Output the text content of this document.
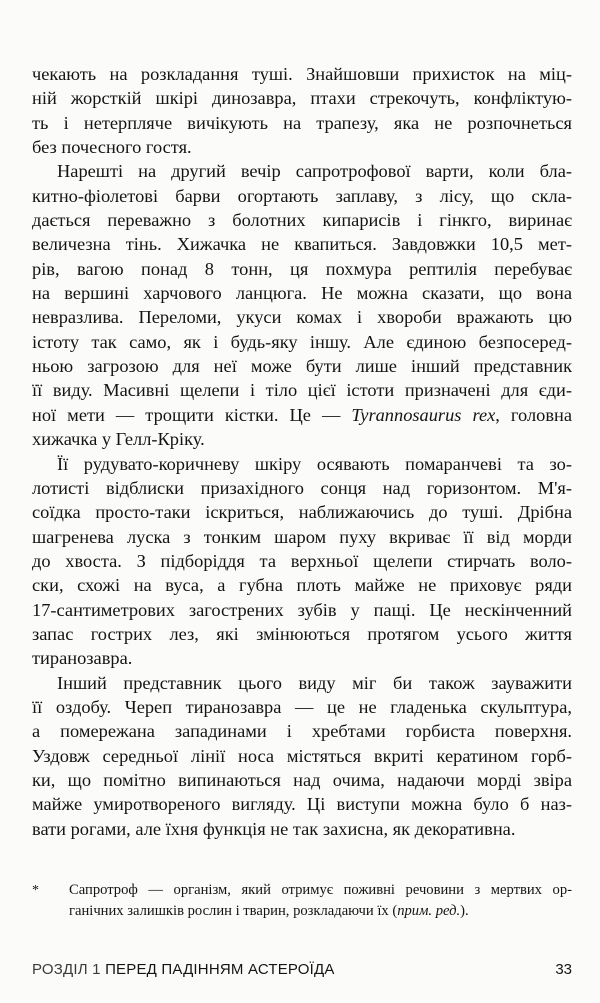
чекають на розкладання туші. Знайшовши прихисток на міц-
ній жорсткій шкірі динозавра, птахи стрекочуть, конфліктую-
ть і нетерпляче вичікують на трапезу, яка не розпочнеться
без почесного гостя.
Нарешті на другий вечір сапротрофової варти, коли бла-
китно-фіолетові барви огортають заплаву, з лісу, що скла-
дається переважно з болотних кипарисів і гінкго, виринає
величезна тінь. Хижачка не квапиться. Завдовжки 10,5 мет-
рів, вагою понад 8 тонн, ця похмура рептилія перебуває
на вершині харчового ланцюга. Не можна сказати, що вона
невразлива. Переломи, укуси комах і хвороби вражають цю
істоту так само, як і будь-яку іншу. Але єдиною безпосеред-
ньою загрозою для неї може бути лише інший представник
її виду. Масивні щелепи і тіло цієї істоти призначені для єди-
ної мети — трощити кістки. Це — Tyrannosaurus rex, головна
хижачка у Гелл-Кріку.
Її рудувато-коричневу шкіру осявають помаранчеві та зо-
лотисті відблиски призахідного сонця над горизонтом. М'я-
сoїдка просто-таки іскриться, наближаючись до туші. Дрібна
шагренева луска з тонким шаром пуху вкриває її від морди
до хвоста. З підборіддя та верхньої щелепи стирчать воло-
ски, схожі на вуса, а губна плоть майже не приховує ряди
17-сантиметрових загострених зубів у пащі. Це нескінченний
запас гострих лез, які змінюються протягом усього життя
тиранозавра.
Інший представник цього виду міг би також зауважити
її оздобу. Череп тиранозавра — це не гладенька скульптура,
а помережана западинами і хребтами горбиста поверхня.
Уздовж середньої лінії носа містяться вкриті кератином горб-
ки, що помітно випинаються над очима, надаючи морді звіра
майже умиротвореного вигляду. Ці виступи можна було б наз-
вати рогами, але їхня функція не так захисна, як декоративна.
*	Сапротроф — організм, який отримує поживні речовини з мертвих ор-
ганічних залишків рослин і тварин, розкладаючи їх (прим. ред.).
РОЗДІЛ 1 ПЕРЕД ПАДІННЯМ АСТЕРОЇДА	33
